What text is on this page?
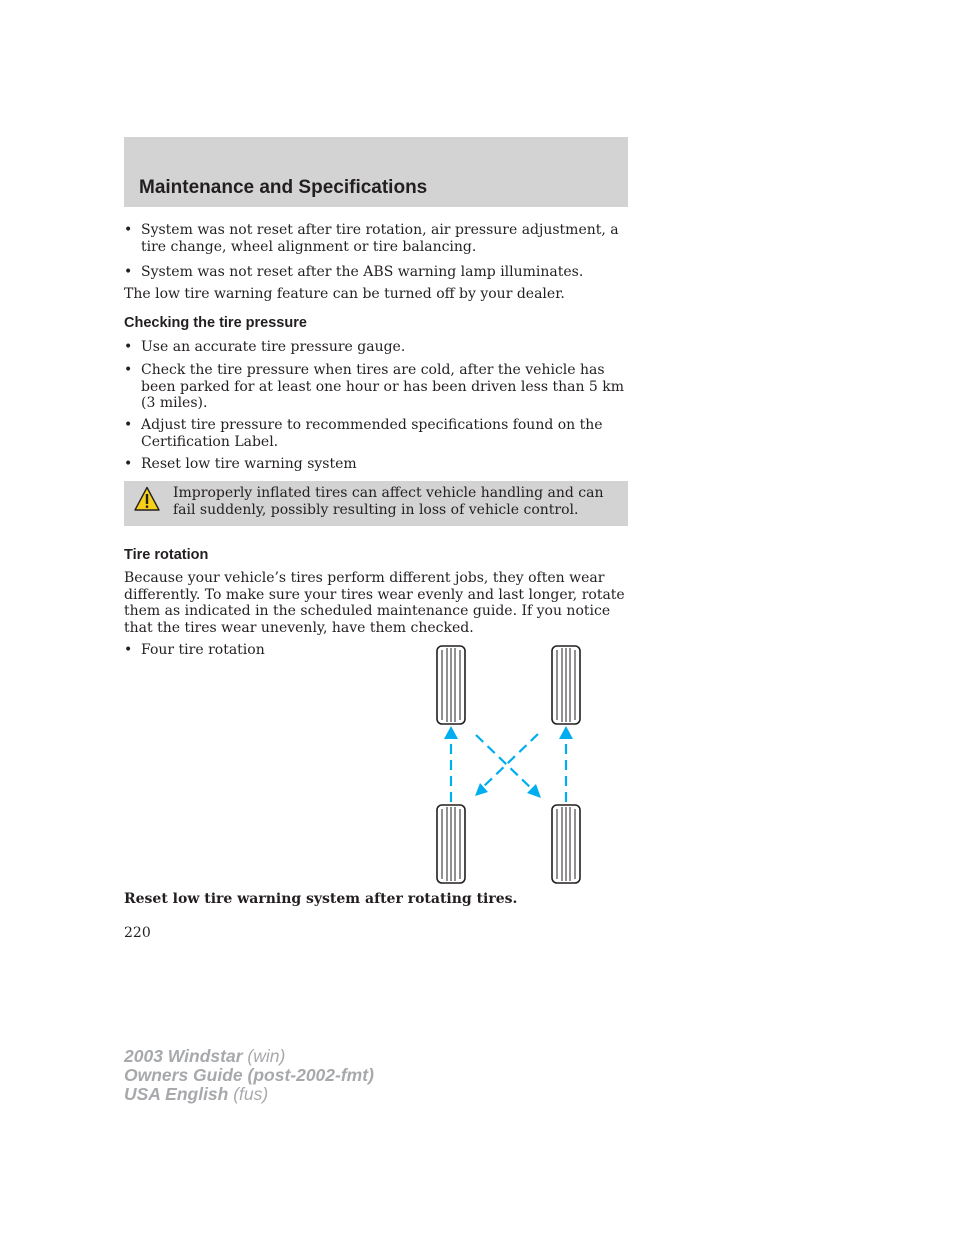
Maintenance and Specifications
• System was not reset after tire rotation, air pressure adjustment, a tire change, wheel alignment or tire balancing.
• System was not reset after the ABS warning lamp illuminates.
The low tire warning feature can be turned off by your dealer.
Checking the tire pressure
• Use an accurate tire pressure gauge.
• Check the tire pressure when tires are cold, after the vehicle has been parked for at least one hour or has been driven less than 5 km (3 miles).
• Adjust tire pressure to recommended specifications found on the Certification Label.
• Reset low tire warning system
Improperly inflated tires can affect vehicle handling and can fail suddenly, possibly resulting in loss of vehicle control.
Tire rotation
Because your vehicle’s tires perform different jobs, they often wear differently. To make sure your tires wear evenly and last longer, rotate them as indicated in the scheduled maintenance guide. If you notice that the tires wear unevenly, have them checked.
• Four tire rotation
Reset low tire warning system after rotating tires.
220
2003 Windstar (win)
Owners Guide (post-2002-fmt)
USA English (fus)
